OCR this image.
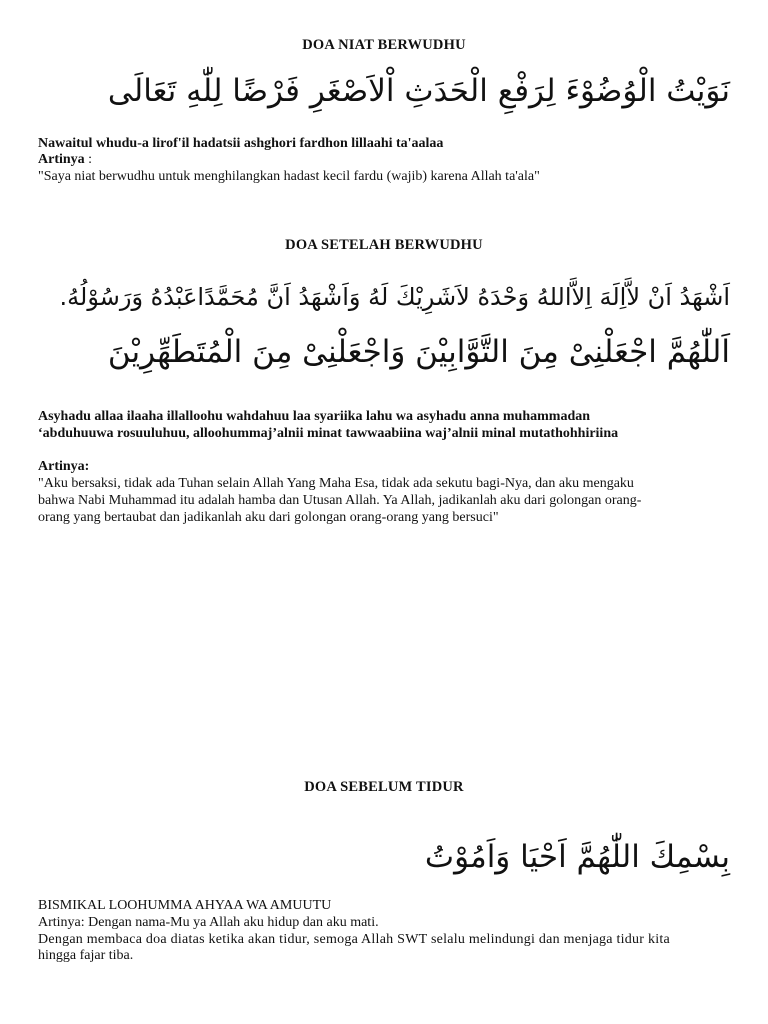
DOA NIAT BERWUDHU
نَوَيْتُ الْوُضُوْءَ لِرَفْعِ الْحَدَثِ اْلاَصْغَرِ فَرْضًا لِلّٰهِ تَعَالَى
Nawaitul whudu-a lirof'il hadatsii ashghori fardhon lillaahi ta'aalaa
Artinya :
"Saya niat berwudhu untuk menghilangkan hadast kecil fardu (wajib) karena Allah ta'ala"
DOA SETELAH BERWUDHU
اَشْهَدُ اَنْ لاَّاِلَهَ اِلاَّاللهُ وَحْدَهُ لاَشَرِيْكَ لَهُ وَاَشْهَدُ اَنَّ مُحَمَّدًاعَبْدُهُ وَرَسُوْلُهُ.
اَللّٰهُمَّ اجْعَلْنِىْ مِنَ التَّوَّابِيْنَ وَاجْعَلْنِىْ مِنَ الْمُتَطَهِّرِيْنَ
Asyhadu allaa ilaaha illalloohu wahdahuu laa syariika lahu wa asyhadu anna muhammadan
‘abduhuuwa rosuuluhuu, alloohummaj’alnii minat tawwaabiina waj’alnii minal mutathohhiriina
Artinya:
"Aku bersaksi, tidak ada Tuhan selain Allah Yang Maha Esa, tidak ada sekutu bagi-Nya, dan aku mengaku
bahwa Nabi Muhammad itu adalah hamba dan Utusan Allah. Ya Allah, jadikanlah aku dari golongan orang-
orang yang bertaubat dan jadikanlah aku dari golongan orang-orang yang bersuci"
DOA SEBELUM TIDUR
بِسْمِكَ اللّٰهُمَّ اَحْيَا وَاَمُوْتُ
BISMIKAL LOOHUMMA AHYAA WA AMUUTU
Artinya: Dengan nama-Mu ya Allah aku hidup dan aku mati.
Dengan membaca doa diatas ketika akan tidur, semoga Allah SWT selalu melindungi dan menjaga tidur kita
hingga fajar tiba.
